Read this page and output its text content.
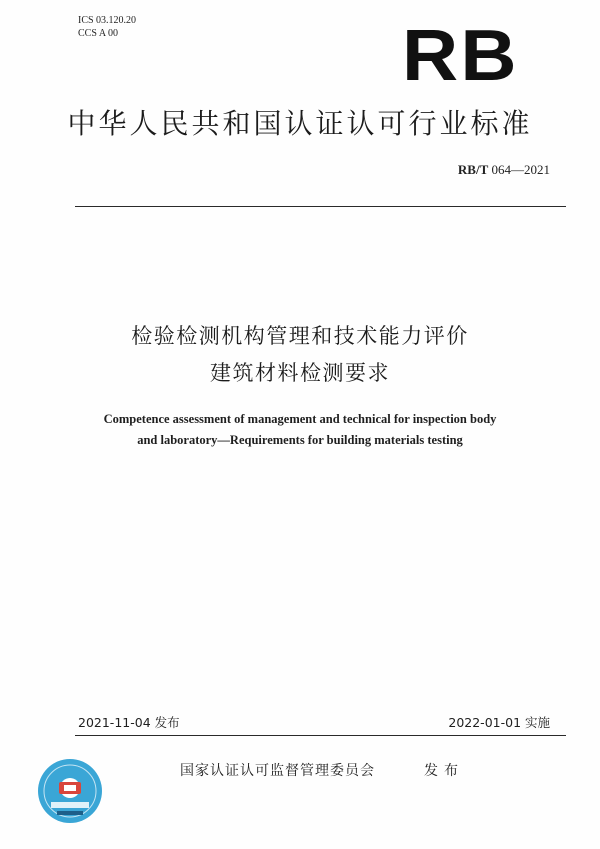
ICS 03.120.20
CCS A 00	RB
中华人民共和国认证认可行业标准
RB/T 064—2021
检验检测机构管理和技术能力评价
建筑材料检测要求
Competence assessment of management and technical for inspection body
and laboratory—Requirements for building materials testing
2021-11-04 发布	2022-01-01 实施
国家认证认可监督管理委员会	发布
